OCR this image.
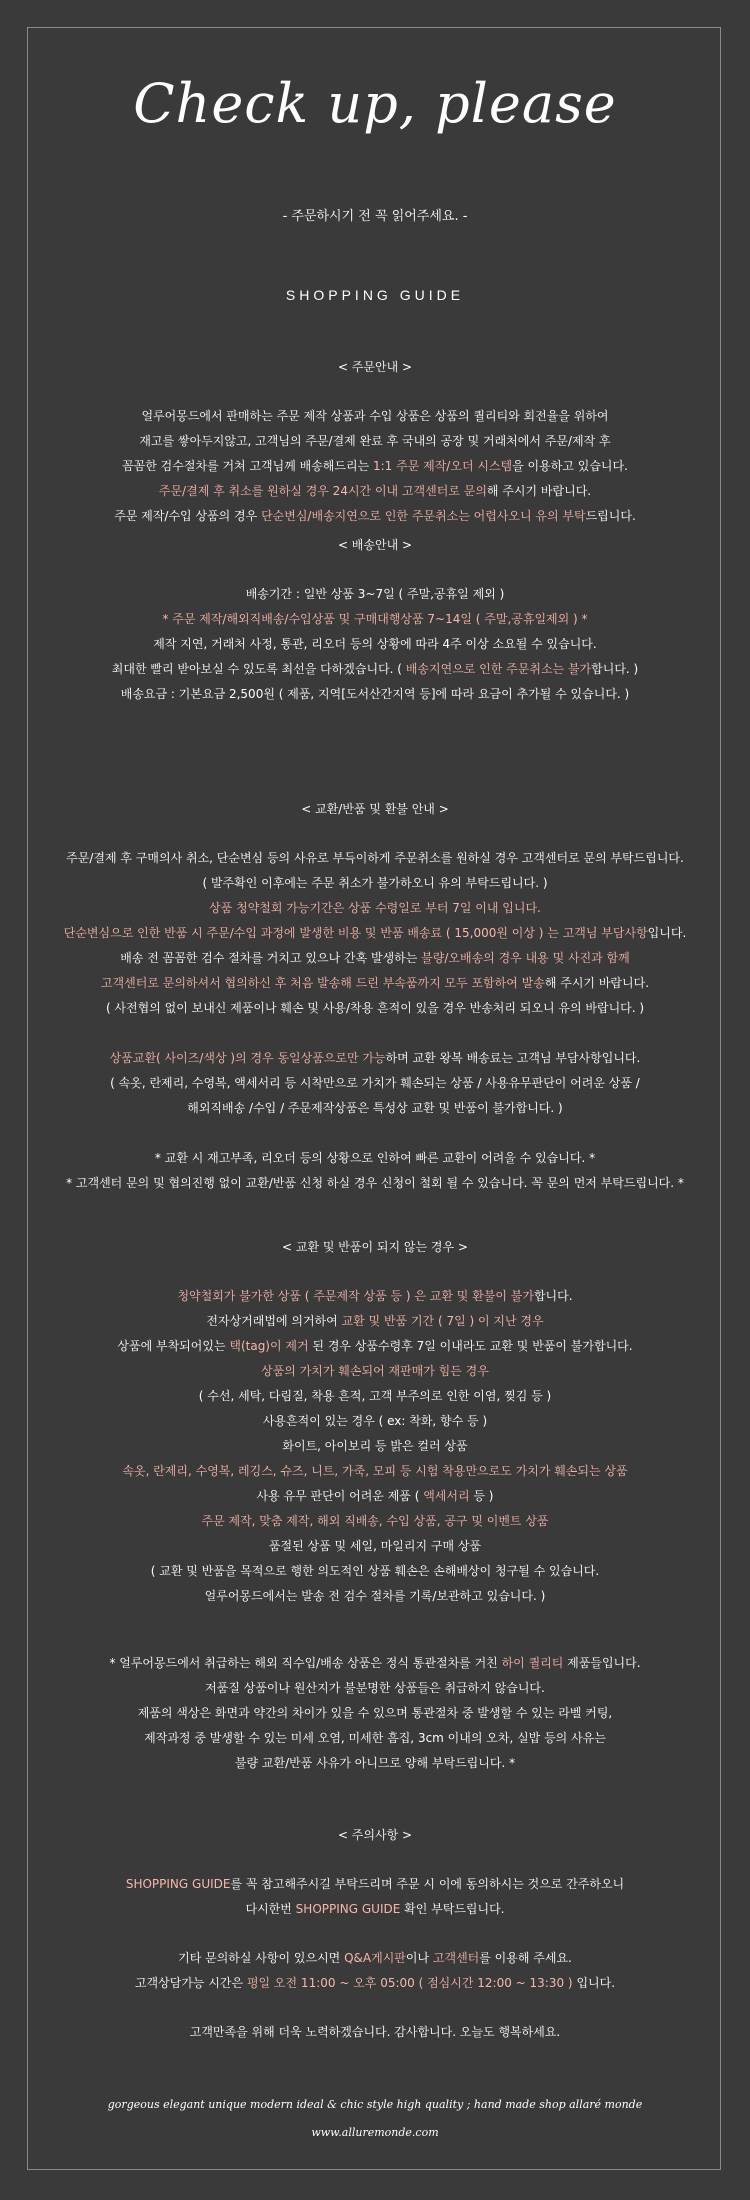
Check up, please
- 주문하시기 전 꼭 읽어주세요. -
SHOPPING GUIDE

< 주문안내 >

얼루어몽드에서 판매하는 주문 제작 상품과 수입 상품은 상품의 퀄리티와 회전율을 위하여

재고를 쌓아두지않고, 고객님의 주문/결제 완료 후 국내의 공장 및 거래처에서 주문/제작 후

꼼꼼한 검수절차를 거쳐 고객님께 배송해드리는 1:1 주문 제작/오더 시스템을 이용하고 있습니다.

주문/결제 후 취소를 원하실 경우 24시간 이내 고객센터로 문의해 주시기 바랍니다.

주문 제작/수입 상품의 경우 단순변심/배송지연으로 인한 주문취소는 어렵사오니 유의 부탁드립니다.

< 배송안내 >

배송기간 : 일반 상품 3~7일 ( 주말,공휴일 제외 )

* 주문 제작/해외직배송/수입상품 및 구매대행상품 7~14일 ( 주말,공휴일제외 ) *

제작 지연, 거래처 사정, 통관, 리오더 등의 상황에 따라 4주 이상 소요될 수 있습니다.

최대한 빨리 받아보실 수 있도록 최선을 다하겠습니다. ( 배송지연으로 인한 주문취소는 불가합니다. )

배송요금 : 기본요금 2,500원 ( 제품, 지역[도서산간지역 등]에 따라 요금이 추가될 수 있습니다. )

< 교환/반품 및 환불 안내 >

주문/결제 후 구매의사 취소, 단순변심 등의 사유로 부득이하게 주문취소를 원하실 경우 고객센터로 문의 부탁드립니다.

( 발주확인 이후에는 주문 취소가 불가하오니 유의 부탁드립니다. )

상품 청약철회 가능기간은 상품 수령일로 부터 7일 이내 입니다.

단순변심으로 인한 반품 시 주문/수입 과정에 발생한 비용 및 반품 배송료 ( 15,000원 이상 ) 는 고객님 부담사항입니다.

배송 전 꼼꼼한 검수 절차를 거치고 있으나 간혹 발생하는 불량/오배송의 경우 내용 및 사진과 함께

고객센터로 문의하셔서 협의하신 후 처음 발송해 드린 부속품까지 모두 포함하여 발송해 주시기 바랍니다.

( 사전협의 없이 보내신 제품이나 훼손 및 사용/착용 흔적이 있을 경우 반송처리 되오니 유의 바랍니다. )

상품교환( 사이즈/색상 )의 경우 동일상품으로만 가능하며 교환 왕복 배송료는 고객님 부담사항입니다.

( 속옷, 란제리, 수영복, 액세서리 등 시착만으로 가치가 훼손되는 상품 / 사용유무판단이 어려운 상품 /

해외직배송 /수입 / 주문제작상품은 특성상 교환 및 반품이 불가합니다. )

* 교환 시 재고부족, 리오더 등의 상황으로 인하여 빠른 교환이 어려울 수 있습니다. *

* 고객센터 문의 및 협의진행 없이 교환/반품 신청 하실 경우 신청이 철회 될 수 있습니다. 꼭 문의 먼저 부탁드립니다. *

< 교환 및 반품이 되지 않는 경우 >

청약철회가 불가한 상품 ( 주문제작 상품 등 ) 은 교환 및 환불이 불가합니다.

전자상거래법에 의거하여 교환 및 반품 기간 ( 7일 ) 이 지난 경우

상품에 부착되어있는 택(tag)이 제거 된 경우 상품수령후 7일 이내라도 교환 및 반품이 불가합니다.

상품의 가치가 훼손되어 재판매가 힘든 경우

( 수선, 세탁, 다림질, 착용 흔적, 고객 부주의로 인한 이염, 찢김 등 )

사용흔적이 있는 경우 ( ex: 착화, 향수 등 )

화이트, 아이보리 등 밝은 컬러 상품

속옷, 란제리, 수영복, 레깅스, 슈즈, 니트, 가죽, 모피 등 시험 착용만으로도 가치가 훼손되는 상품

사용 유무 판단이 어려운 제품 ( 액세서리 등 )

주문 제작, 맞춤 제작, 해외 직배송, 수입 상품, 공구 및 이벤트 상품

품절된 상품 및 세일, 마일리지 구매 상품

( 교환 및 반품을 목적으로 행한 의도적인 상품 훼손은 손해배상이 청구될 수 있습니다.

얼루어몽드에서는 발송 전 검수 절차를 기록/보관하고 있습니다. )

* 얼루어몽드에서 취급하는 해외 직수입/배송 상품은 정식 통관절차를 거친 하이 퀄리티 제품들입니다.

저품질 상품이나 원산지가 불분명한 상품들은 취급하지 않습니다.

제품의 색상은 화면과 약간의 차이가 있을 수 있으며 통관절차 중 발생할 수 있는 라벨 커팅,

제작과정 중 발생할 수 있는 미세 오염, 미세한 흠집, 3cm 이내의 오차, 실밥 등의 사유는

불량 교환/반품 사유가 아니므로 양해 부탁드립니다. *

< 주의사항 >

SHOPPING GUIDE를 꼭 참고해주시길 부탁드리며 주문 시 이에 동의하시는 것으로 간주하오니

다시한번 SHOPPING GUIDE 확인 부탁드립니다.

기타 문의하실 사항이 있으시면 Q&A게시판이나 고객센터를 이용해 주세요.

고객상담가능 시간은 평일 오전 11:00 ~ 오후 05:00 ( 점심시간 12:00 ~ 13:30 ) 입니다.

고객만족을 위해 더욱 노력하겠습니다. 감사합니다. 오늘도 행복하세요.

gorgeous elegant unique modern ideal & chic style high quality ; hand made shop allaré monde
www.alluremonde.com
